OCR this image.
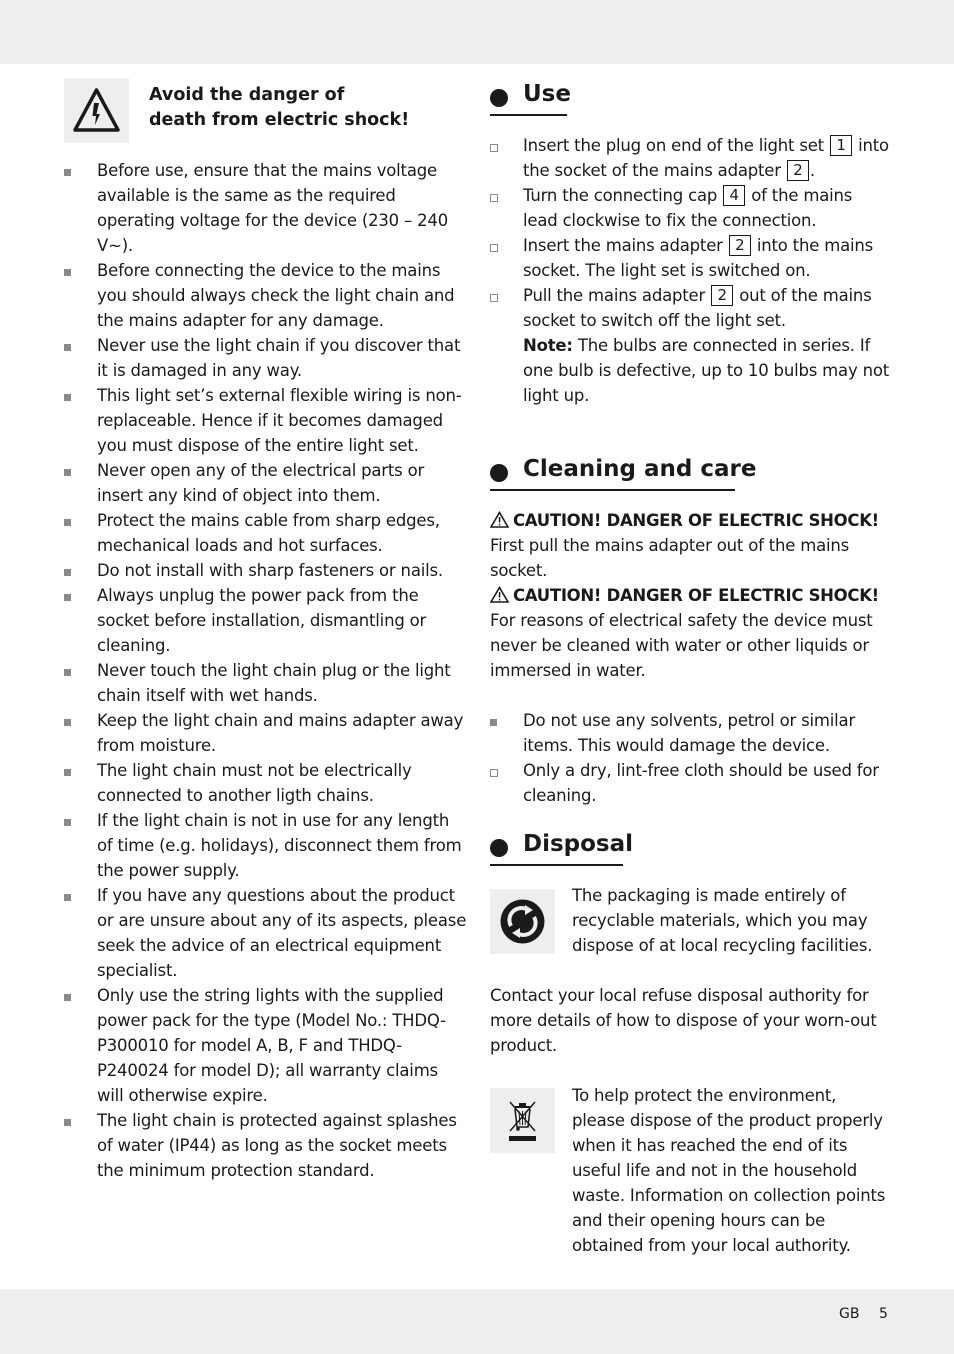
Avoid the danger of
death from electric shock!
Before use, ensure that the mains voltage available is the same as the required operating voltage for the device (230 – 240 V∼).
Before connecting the device to the mains you should always check the light chain and the mains adapter for any damage.
Never use the light chain if you discover that it is damaged in any way.
This light set’s external flexible wiring is non-replaceable. Hence if it becomes damaged you must dispose of the entire light set.
Never open any of the electrical parts or insert any kind of object into them.
Protect the mains cable from sharp edges, mechanical loads and hot surfaces.
Do not install with sharp fasteners or nails.
Always unplug the power pack from the socket before installation, dismantling or cleaning.
Never touch the light chain plug or the light chain itself with wet hands.
Keep the light chain and mains adapter away from moisture.
The light chain must not be electrically connected to another ligth chains.
If the light chain is not in use for any length of time (e.g. holidays), disconnect them from the power supply.
If you have any questions about the product or are unsure about any of its aspects, please seek the advice of an electrical equipment specialist.
Only use the string lights with the supplied power pack for the type (Model No.: THDQ-P300010 for model A, B, F and THDQ-P240024 for model D); all warranty claims will otherwise expire.
The light chain is protected against splashes of water (IP44) as long as the socket meets the minimum protection standard.
Use
Insert the plug on end of the light set 1 into the socket of the mains adapter 2 .
Turn the connecting cap 4 of the mains lead clockwise to fix the connection.
Insert the mains adapter 2 into the mains socket. The light set is switched on.
Pull the mains adapter 2 out of the mains socket to switch off the light set.
Note: The bulbs are connected in series. If one bulb is defective, up to 10 bulbs may not light up.
Cleaning and care
CAUTION! DANGER OF ELECTRIC SHOCK!
First pull the mains adapter out of the mains socket.
CAUTION! DANGER OF ELECTRIC SHOCK!
For reasons of electrical safety the device must never be cleaned with water or other liquids or immersed in water.
Do not use any solvents, petrol or similar items. This would damage the device.
Only a dry, lint-free cloth should be used for cleaning.
Disposal
The packaging is made entirely of recyclable materials, which you may dispose of at local recycling facilities.
Contact your local refuse disposal authority for more details of how to dispose of your worn-out product.
To help protect the environment, please dispose of the product properly when it has reached the end of its useful life and not in the household waste. Information on collection points and their opening hours can be obtained from your local authority.
GB 5
